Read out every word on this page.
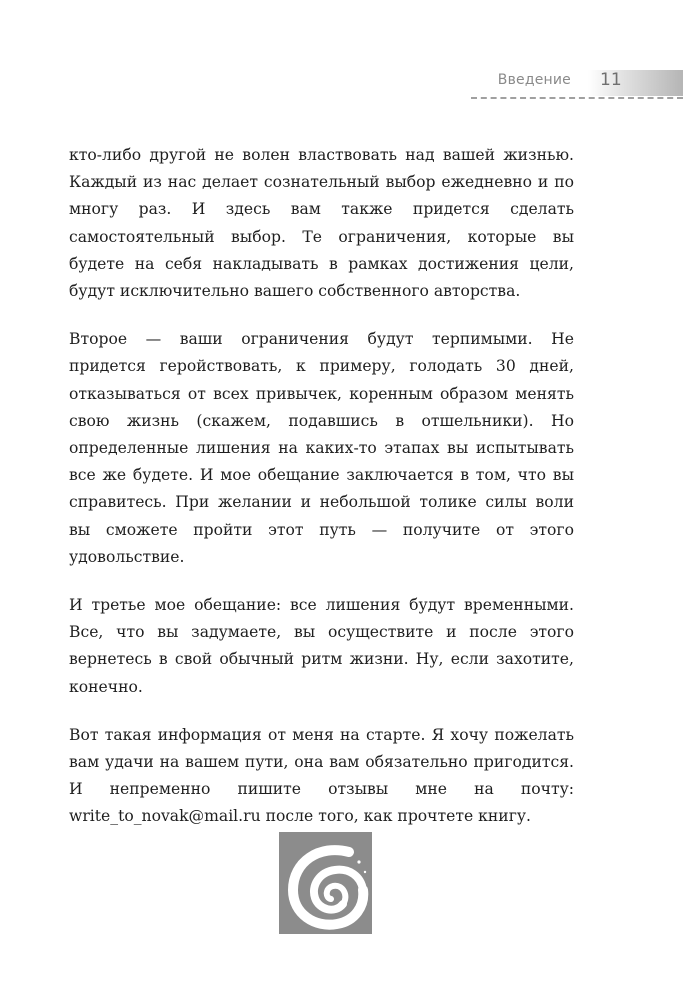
Введение 11

кто-либо другой не волен властвовать над вашей жизнью. Каждый из нас делает сознательный выбор ежедневно и по многу раз. И здесь вам также придется сделать самостоятельный выбор. Те ограничения, которые вы будете на себя накладывать в рамках достижения цели, будут исключительно вашего собственного авторства.

Второе — ваши ограничения будут терпимыми. Не придется геройствовать, к примеру, голодать 30 дней, отказываться от всех привычек, коренным образом менять свою жизнь (скажем, подавшись в отшельники). Но определенные лишения на каких-то этапах вы испытывать все же будете. И мое обещание заключается в том, что вы справитесь. При желании и небольшой толике силы воли вы сможете пройти этот путь — получите от этого удовольствие.

И третье мое обещание: все лишения будут временными. Все, что вы задумаете, вы осуществите и после этого вернетесь в свой обычный ритм жизни. Ну, если захотите, конечно.

Вот такая информация от меня на старте. Я хочу пожелать вам удачи на вашем пути, она вам обязательно пригодится. И непременно пишите отзывы мне на почту: write_to_novak@mail.ru после того, как прочтете книгу.
